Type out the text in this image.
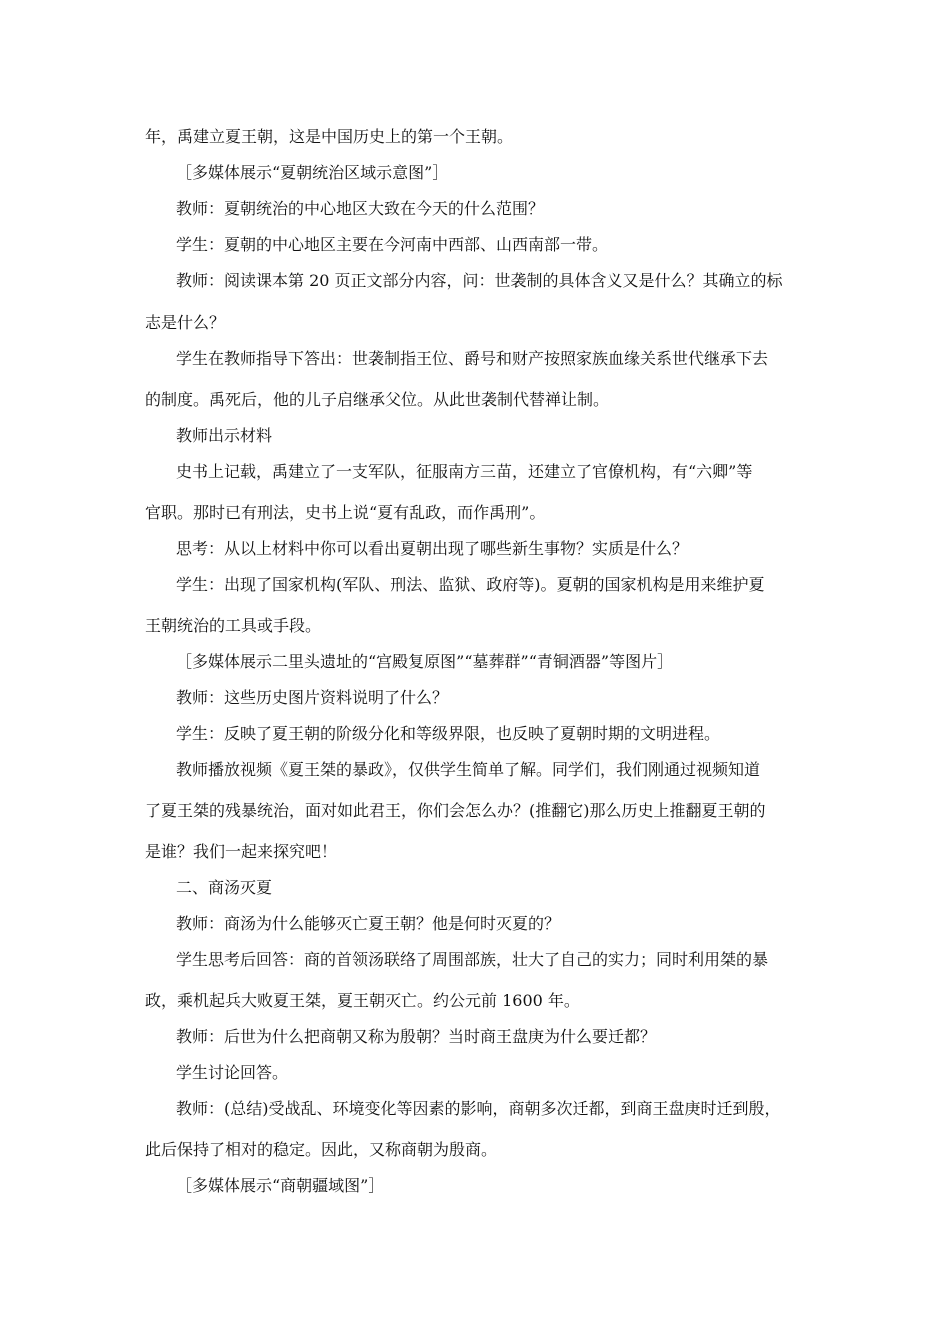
年，禹建立夏王朝，这是中国历史上的第一个王朝。
［多媒体展示“夏朝统治区域示意图”］
教师：夏朝统治的中心地区大致在今天的什么范围？
学生：夏朝的中心地区主要在今河南中西部、山西南部一带。
教师：阅读课本第 20 页正文部分内容，问：世袭制的具体含义又是什么？其确立的标
志是什么？
学生在教师指导下答出：世袭制指王位、爵号和财产按照家族血缘关系世代继承下去
的制度。禹死后，他的儿子启继承父位。从此世袭制代替禅让制。
教师出示材料
史书上记载，禹建立了一支军队，征服南方三苗，还建立了官僚机构，有“六卿”等
官职。那时已有刑法，史书上说“夏有乱政，而作禹刑”。
思考：从以上材料中你可以看出夏朝出现了哪些新生事物？实质是什么？
学生：出现了国家机构(军队、刑法、监狱、政府等)。夏朝的国家机构是用来维护夏
王朝统治的工具或手段。
［多媒体展示二里头遗址的“宫殿复原图”“墓葬群”“青铜酒器”等图片］
教师：这些历史图片资料说明了什么？
学生：反映了夏王朝的阶级分化和等级界限，也反映了夏朝时期的文明进程。
教师播放视频《夏王桀的暴政》，仅供学生简单了解。同学们，我们刚通过视频知道
了夏王桀的残暴统治，面对如此君王，你们会怎么办？(推翻它)那么历史上推翻夏王朝的
是谁？我们一起来探究吧！
二、商汤灭夏
教师：商汤为什么能够灭亡夏王朝？他是何时灭夏的？
学生思考后回答：商的首领汤联络了周围部族，壮大了自己的实力；同时利用桀的暴
政，乘机起兵大败夏王桀，夏王朝灭亡。约公元前 1600 年。
教师：后世为什么把商朝又称为殷朝？当时商王盘庚为什么要迁都？
学生讨论回答。
教师：(总结)受战乱、环境变化等因素的影响，商朝多次迁都，到商王盘庚时迁到殷，
此后保持了相对的稳定。因此，又称商朝为殷商。
［多媒体展示“商朝疆域图”］
